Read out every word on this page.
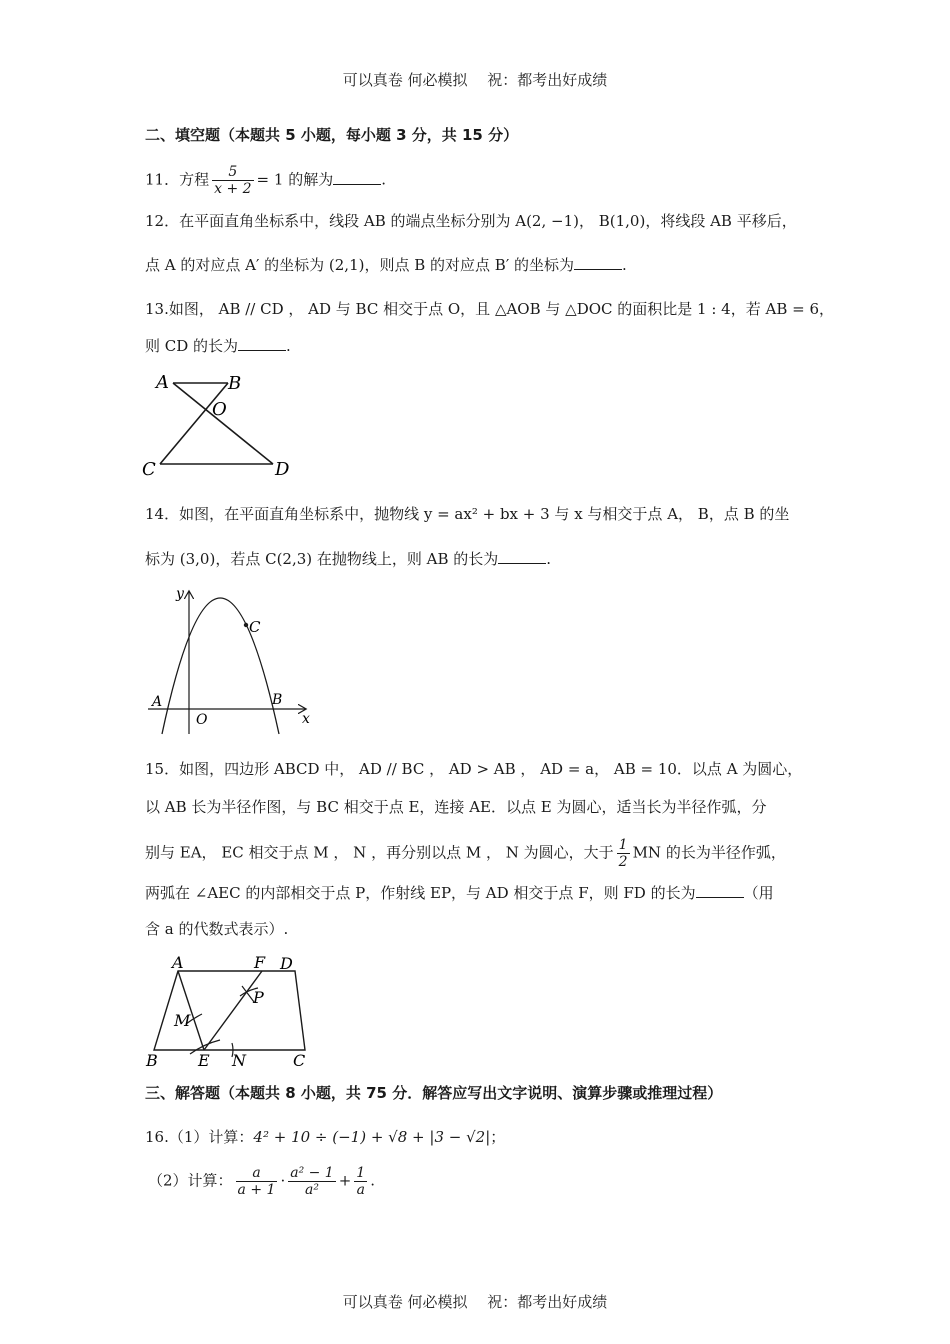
可以真卷 何必模拟　 祝：都考出好成绩
二、填空题（本题共 5 小题，每小题 3 分，共 15 分）
11．方程 $\frac{5}{x + 2} = 1$ 的解为	.
12．在平面直角坐标系中，线段 AB 的端点坐标分别为 A(2, −1)， B(1,0)，将线段 AB 平移后，
点 A 的对应点 A′ 的坐标为 (2,1)，则点 B 的对应点 B′ 的坐标为	.
13.如图， AB // CD ， AD 与 BC 相交于点 O，且 △AOB 与 △DOC 的面积比是 1 : 4，若 AB = 6，
则 CD 的长为	.
A	B
O
C	D
14．如图，在平面直角坐标系中，抛物线 y = ax² + bx + 3 与 x 与相交于点 A， B，点 B 的坐
标为 (3,0)，若点 C(2,3) 在抛物线上，则 AB 的长为	.
C
y
A	B
O	x
15．如图，四边形 ABCD 中， AD // BC ， AD > AB ， AD = a， AB = 10．以点 A 为圆心，
以 AB 长为半径作图，与 BC 相交于点 E，连接 AE．以点 E 为圆心，适当长为半径作弧，分
别与 EA， EC 相交于点 M ， N ，再分别以点 M ， N 为圆心，大于 $\frac{1}{2}$ MN 的长为半径作弧，
两弧在 ∠AEC 的内部相交于点 P，作射线 EP，与 AD 相交于点 F，则 FD 的长为	（用
含 a 的代数式表示）.
A	F D
P
M
B	E N	C
三、解答题（本题共 8 小题，共 75 分．解答应写出文字说明、演算步骤或推理过程）
16.（1）计算：4² + 10 ÷ (−1) + √8 + |3 − √2|；
（2）计算： $\frac{a}{a + 1} \cdot \frac{\text{a² − 1}}{\text{a²}} + \frac{1}{a}$ .
可以真卷 何必模拟　 祝：都考出好成绩
